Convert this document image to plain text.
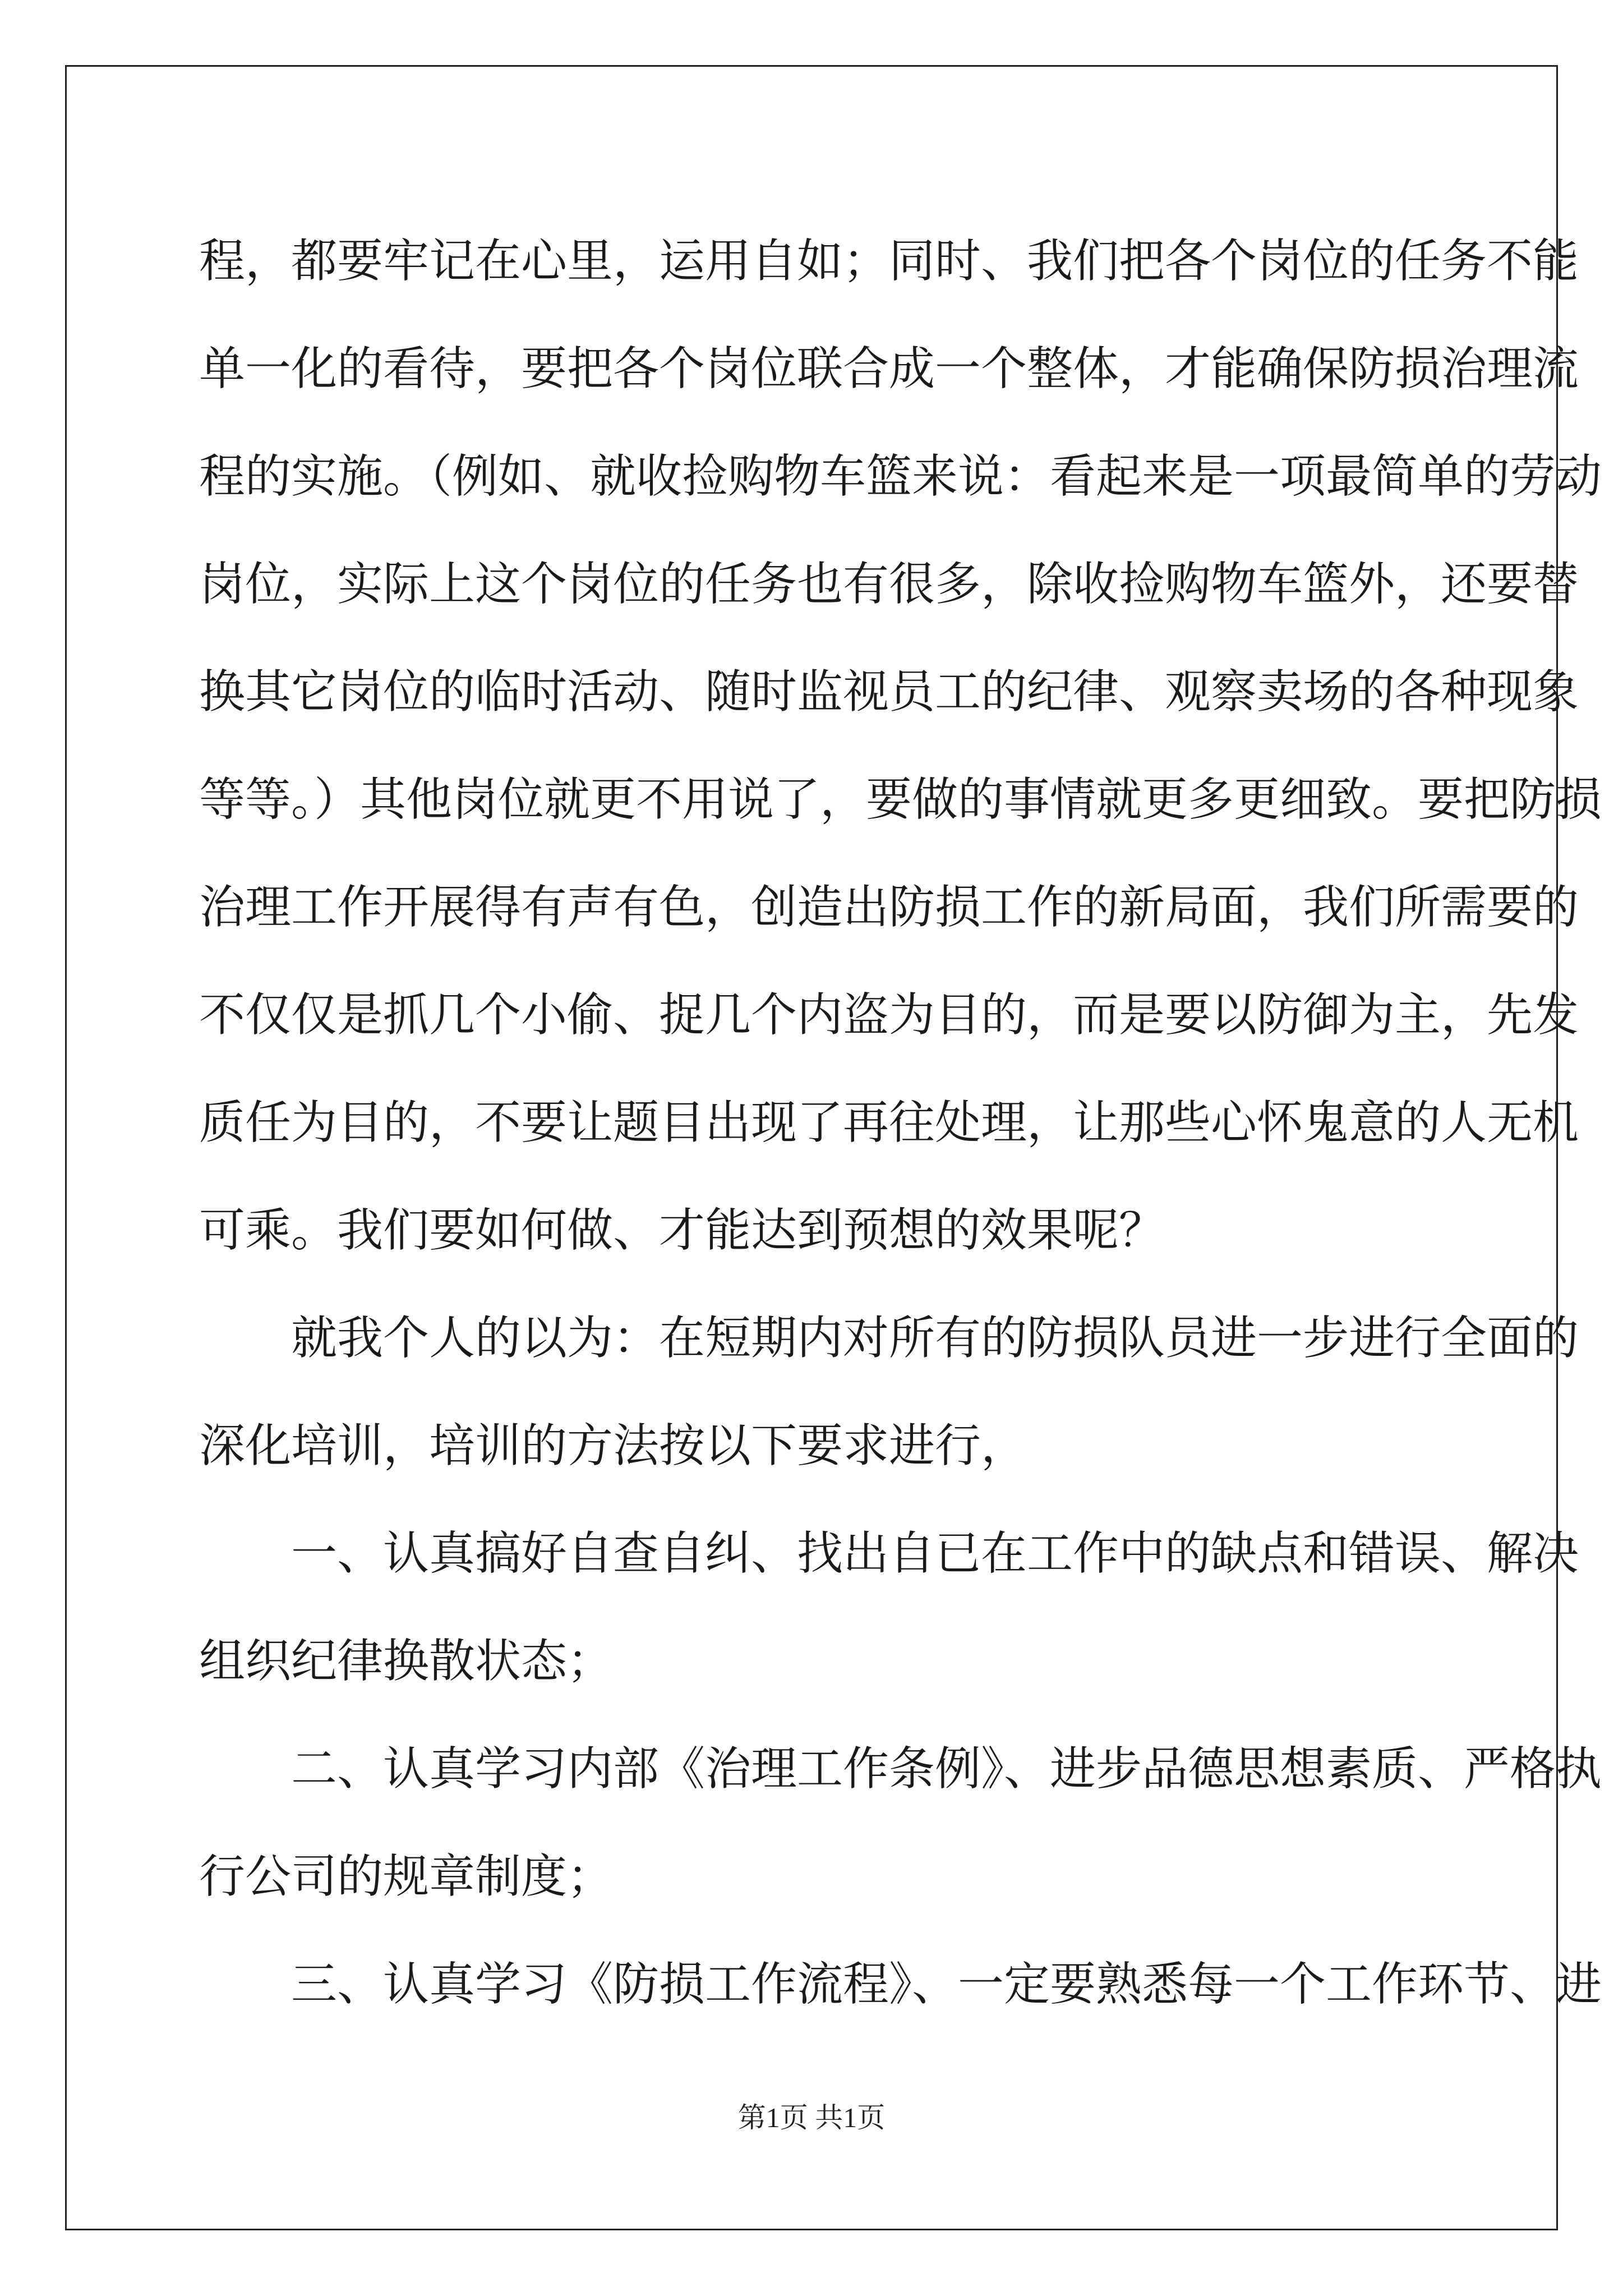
程，都要牢记在心里，运用自如；同时、我们把各个岗位的任务不能
单一化的看待，要把各个岗位联合成一个整体，才能确保防损治理流
程的实施。（例如、就收捡购物车篮来说：看起来是一项最简单的劳动
岗位，实际上这个岗位的任务也有很多，除收捡购物车篮外，还要替
换其它岗位的临时活动、随时监视员工的纪律、观察卖场的各种现象
等等。）其他岗位就更不用说了，要做的事情就更多更细致。要把防损
治理工作开展得有声有色，创造出防损工作的新局面，我们所需要的
不仅仅是抓几个小偷、捉几个内盗为目的，而是要以防御为主，先发
质任为目的，不要让题目出现了再往处理，让那些心怀鬼意的人无机
可乘。我们要如何做、才能达到预想的效果呢？
就我个人的以为：在短期内对所有的防损队员进一步进行全面的
深化培训，培训的方法按以下要求进行，
一、认真搞好自查自纠、找出自已在工作中的缺点和错误、解决
组织纪律换散状态；
二、认真学习内部《治理工作条例》、进步品德思想素质、严格执
行公司的规章制度；
三、认真学习《防损工作流程》、一定要熟悉每一个工作环节、进
第1页 共1页
